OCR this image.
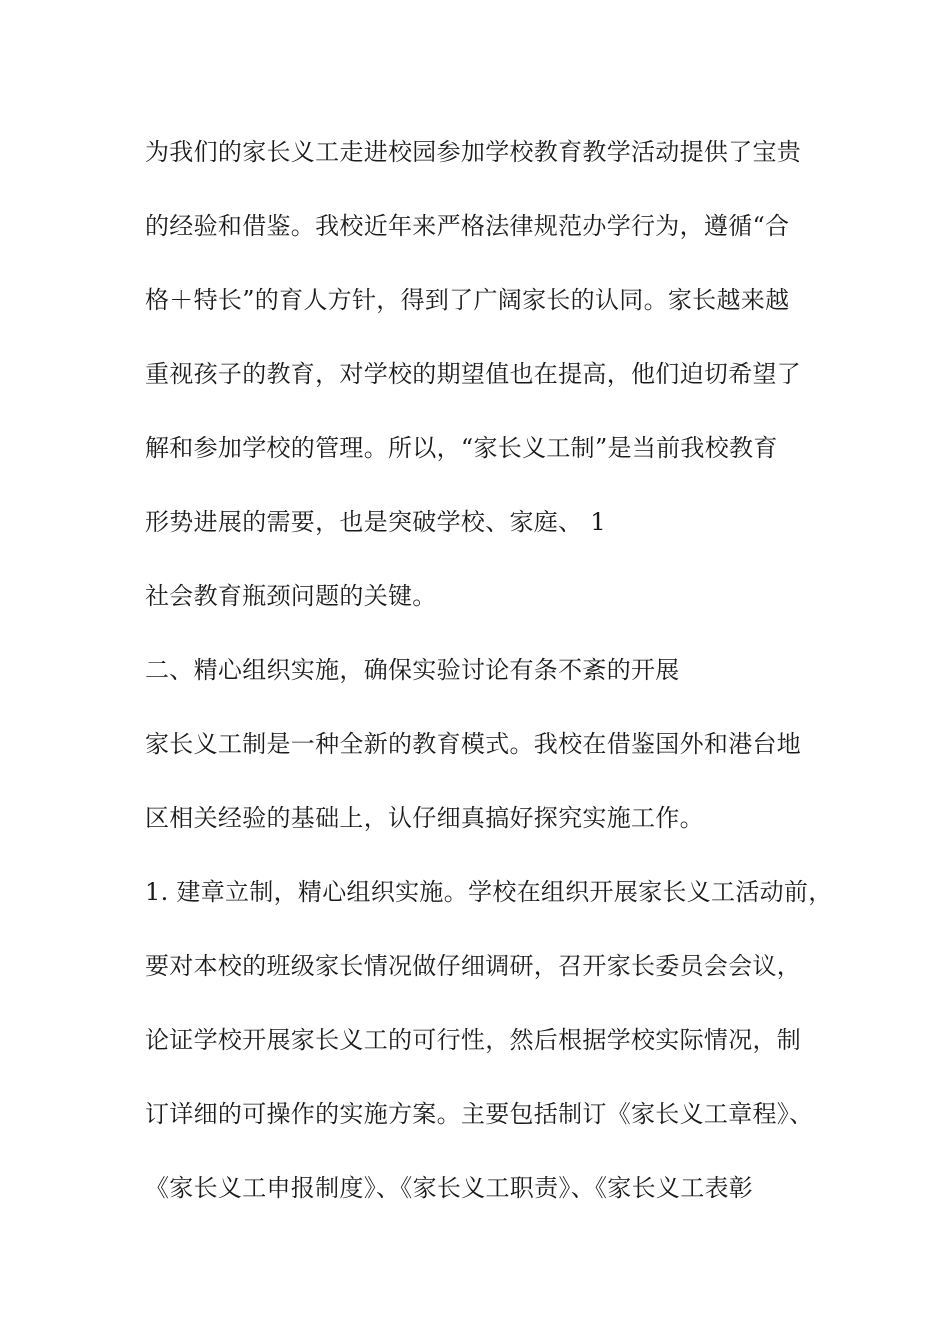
为我们的家长义工走进校园参加学校教育教学活动提供了宝贵
的经验和借鉴。我校近年来严格法律规范办学行为，遵循“合
格＋特长”的育人方针，得到了广阔家长的认同。家长越来越
重视孩子的教育，对学校的期望值也在提高，他们迫切希望了
解和参加学校的管理。所以，“家长义工制”是当前我校教育
形势进展的需要，也是突破学校、家庭、 1
社会教育瓶颈问题的关键。
二、精心组织实施，确保实验讨论有条不紊的开展
家长义工制是一种全新的教育模式。我校在借鉴国外和港台地
区相关经验的基础上，认仔细真搞好探究实施工作。
1. 建章立制，精心组织实施。学校在组织开展家长义工活动前，
要对本校的班级家长情况做仔细调研，召开家长委员会会议，
论证学校开展家长义工的可行性，然后根据学校实际情况，制
订详细的可操作的实施方案。主要包括制订《家长义工章程》、
《家长义工申报制度》、《家长义工职责》、《家长义工表彰
